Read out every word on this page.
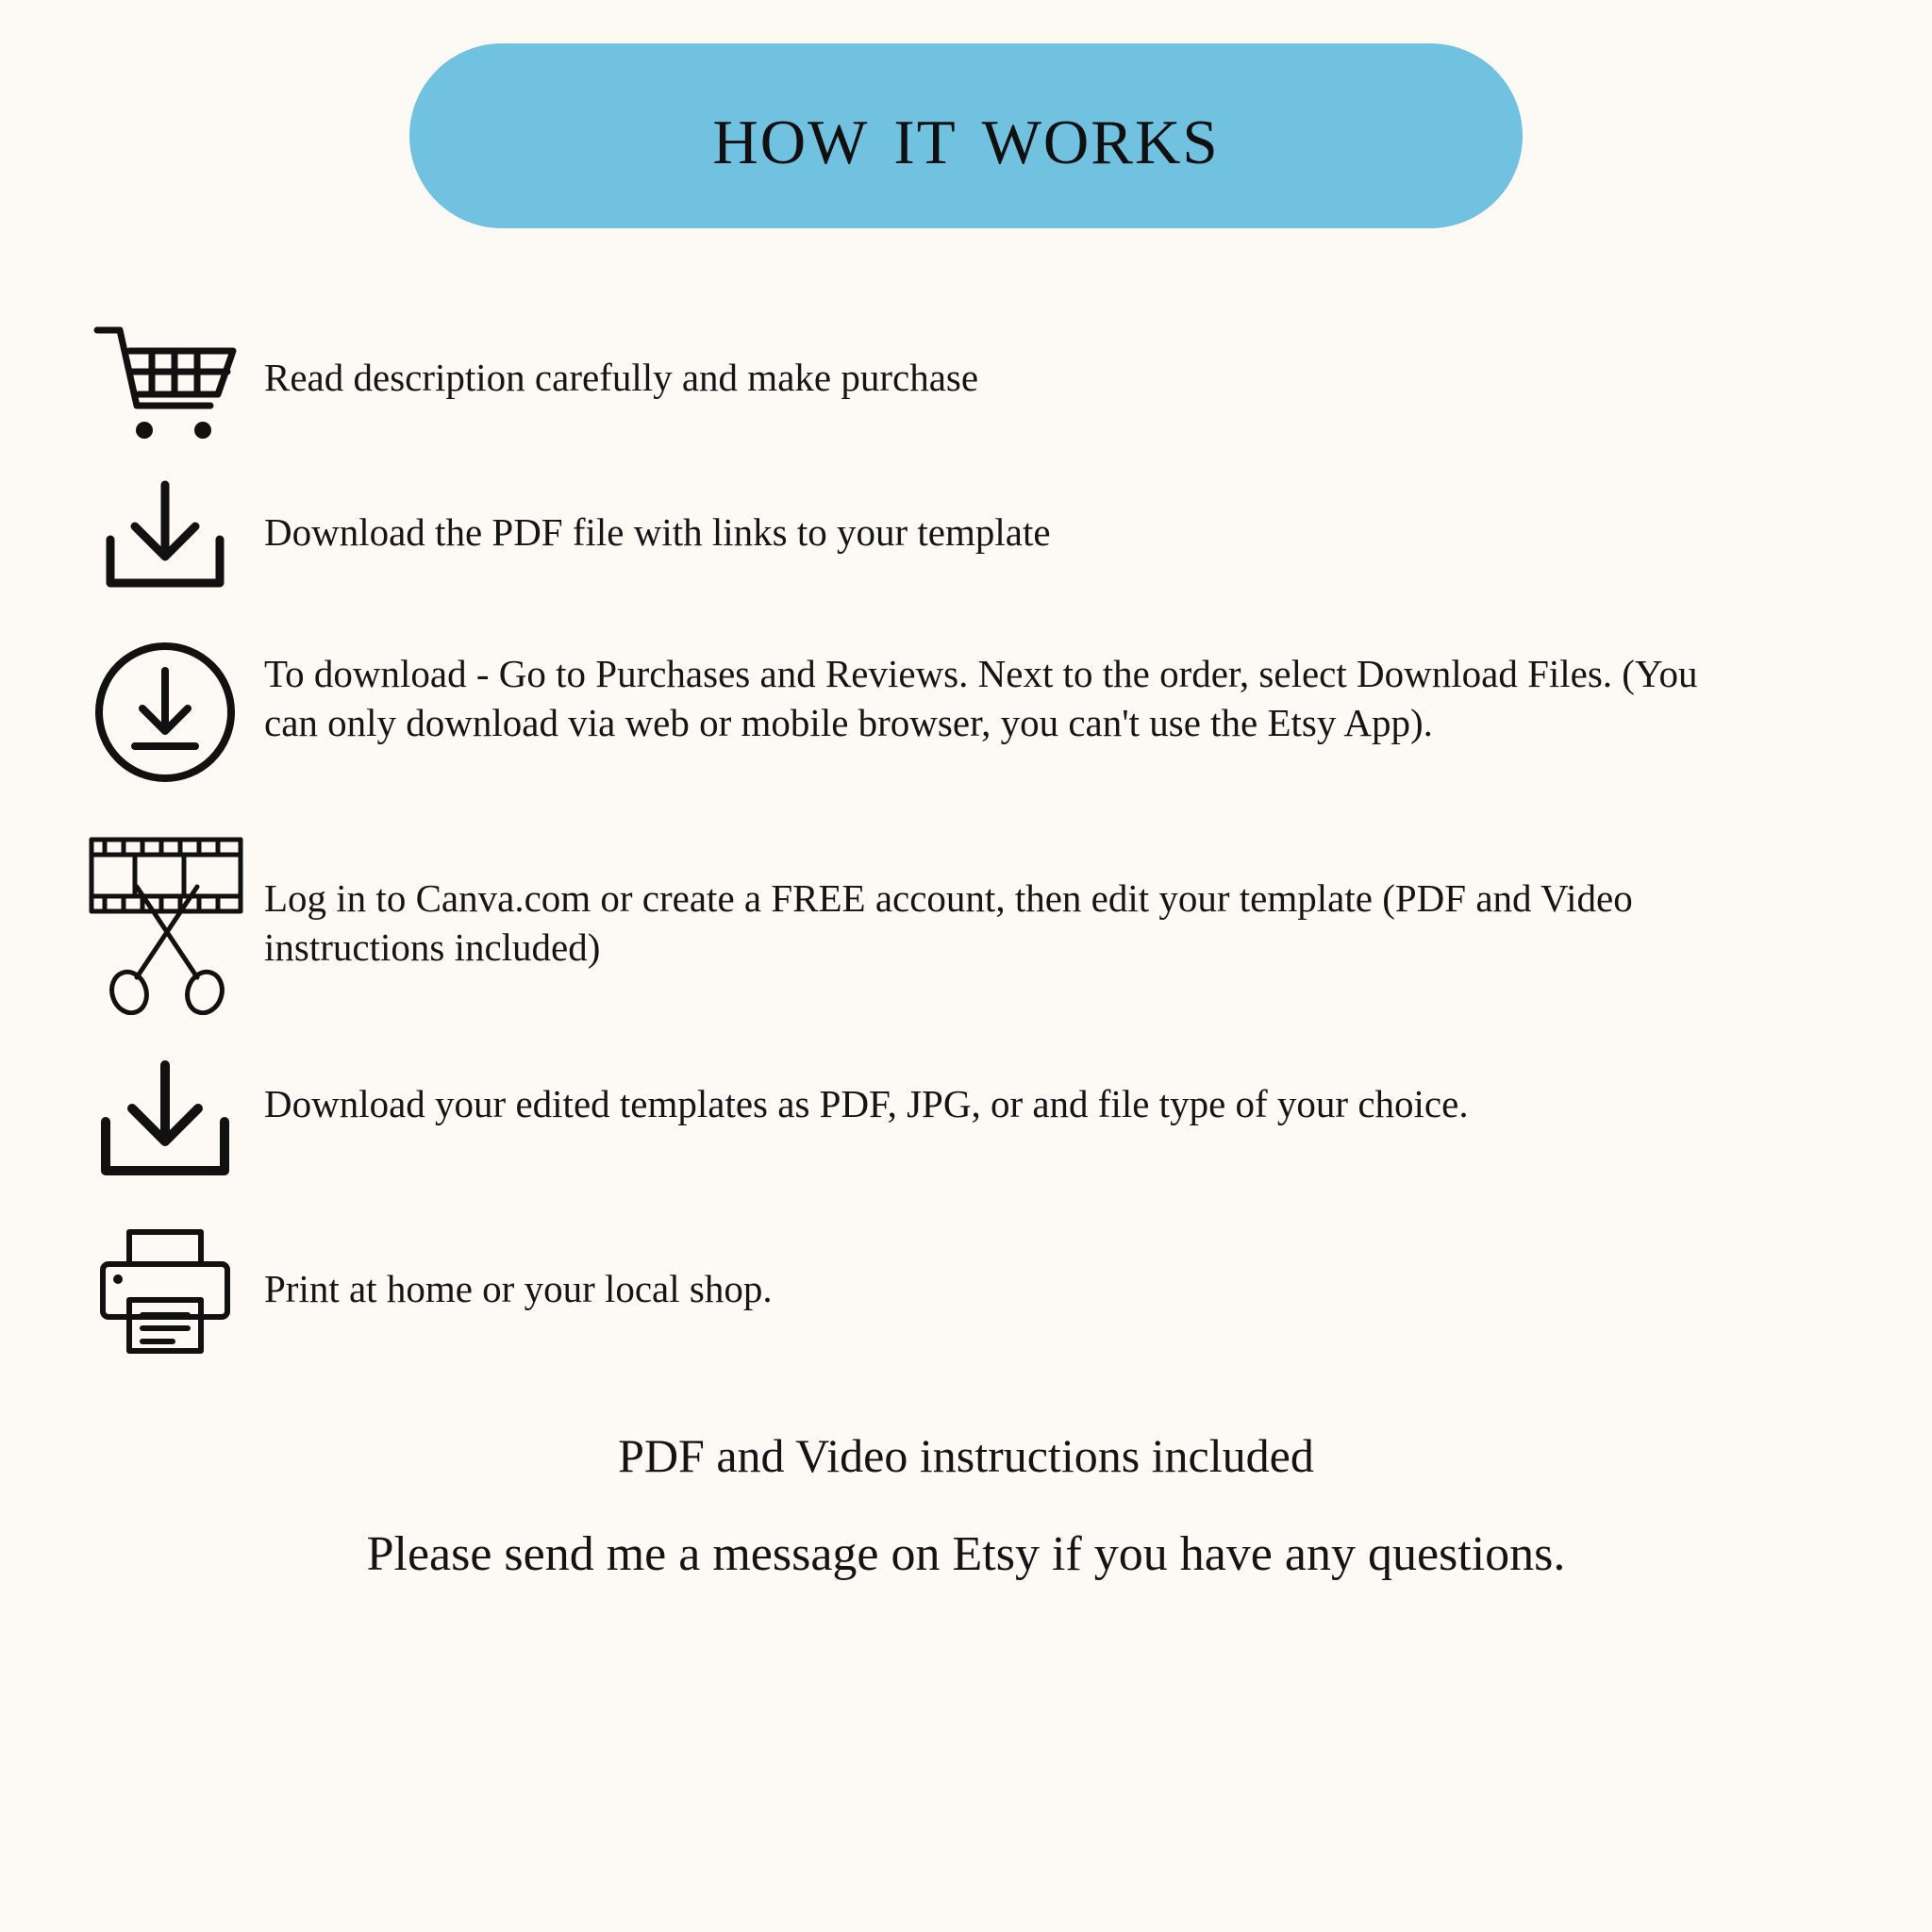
how it works
Read description carefully and make purchase
Download the PDF file with links to your template
To download - Go to Purchases and Reviews. Next to the order, select Download Files. (You can only download via web or mobile browser, you can't use the Etsy App).
Log in to Canva.com or create a FREE account, then edit your template (PDF and Video instructions included)
Download your edited templates as PDF, JPG, or and file type of your choice.
Print at home or your local shop.
PDF and Video instructions included
Please send me a message on Etsy if you have any questions.
